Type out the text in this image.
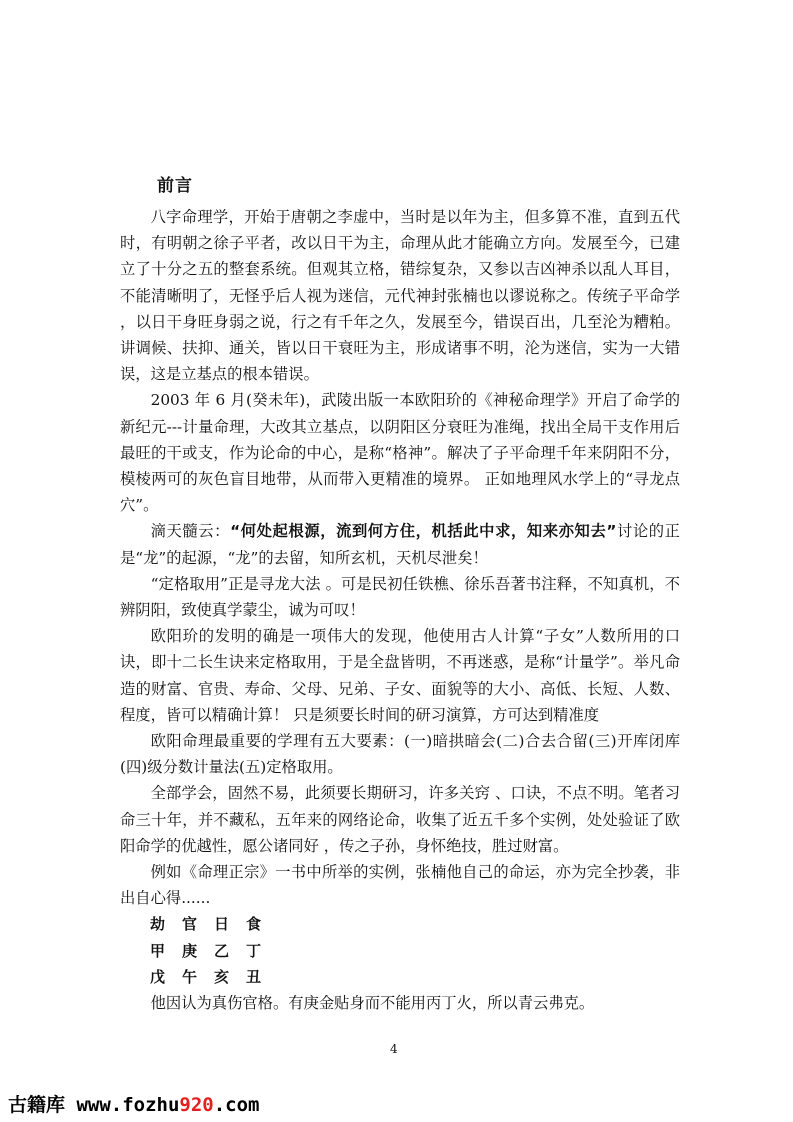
前言

八字命理学，开始于唐朝之李虚中，当时是以年为主，但多算不准，直到五代时，有明朝之徐子平者，改以日干为主，命理从此才能确立方向。发展至今，已建立了十分之五的整套系统。但观其立格，错综复杂，又参以吉凶神杀以乱人耳目，不能清晰明了，无怪乎后人视为迷信，元代神封张楠也以谬说称之。传统子平命学 ，以日干身旺身弱之说，行之有千年之久，发展至今，错误百出，几至沦为糟粕。讲调候、扶抑、通关，皆以日干衰旺为主，形成诸事不明，沦为迷信，实为一大错误，这是立基点的根本错误。

2003 年 6 月(癸未年)，武陵出版一本欧阳玠的《神秘命理学》开启了命学的新纪元---计量命理，大改其立基点，以阴阳区分衰旺为准绳，找出全局干支作用后最旺的干或支，作为论命的中心，是称“格神”。解决了子平命理千年来阴阳不分，模棱两可的灰色盲目地带，从而带入更精准的境界。 正如地理风水学上的“寻龙点穴”。

滴天髓云：“何处起根源，流到何方住，机括此中求，知来亦知去”讨论的正是“龙”的起源，“龙”的去留，知所玄机，天机尽泄矣！

“定格取用”正是寻龙大法 。可是民初任铁樵、徐乐吾著书注释，不知真机，不辨阴阳，致使真学蒙尘，诚为可叹！

欧阳玠的发明的确是一项伟大的发现，他使用古人计算“子女”人数所用的口诀，即十二长生诀来定格取用，于是全盘皆明，不再迷惑，是称“计量学”。举凡命造的财富、官贵、寿命、父母、兄弟、子女、面貌等的大小、高低、长短、人数、程度，皆可以精确计算！ 只是须要长时间的研习演算，方可达到精准度

欧阳命理最重要的学理有五大要素：(一)暗拱暗会(二)合去合留(三)开库闭库(四)级分数计量法(五)定格取用。

全部学会，固然不易，此须要长期研习，许多关窍 、口诀，不点不明。笔者习命三十年，并不藏私，五年来的网络论命，收集了近五千多个实例，处处验证了欧阳命学的优越性，愿公诸同好 ，传之子孙，身怀绝技，胜过财富。

例如《命理正宗》一书中所举的实例，张楠他自己的命运，亦为完全抄袭，非出自心得......

劫	官	日	食
甲	庚	乙	丁
戊	午	亥	丑

他因认为真伤官格。有庚金贴身而不能用丙丁火，所以青云弗克。

4
古籍库 www.fozhu920.com
